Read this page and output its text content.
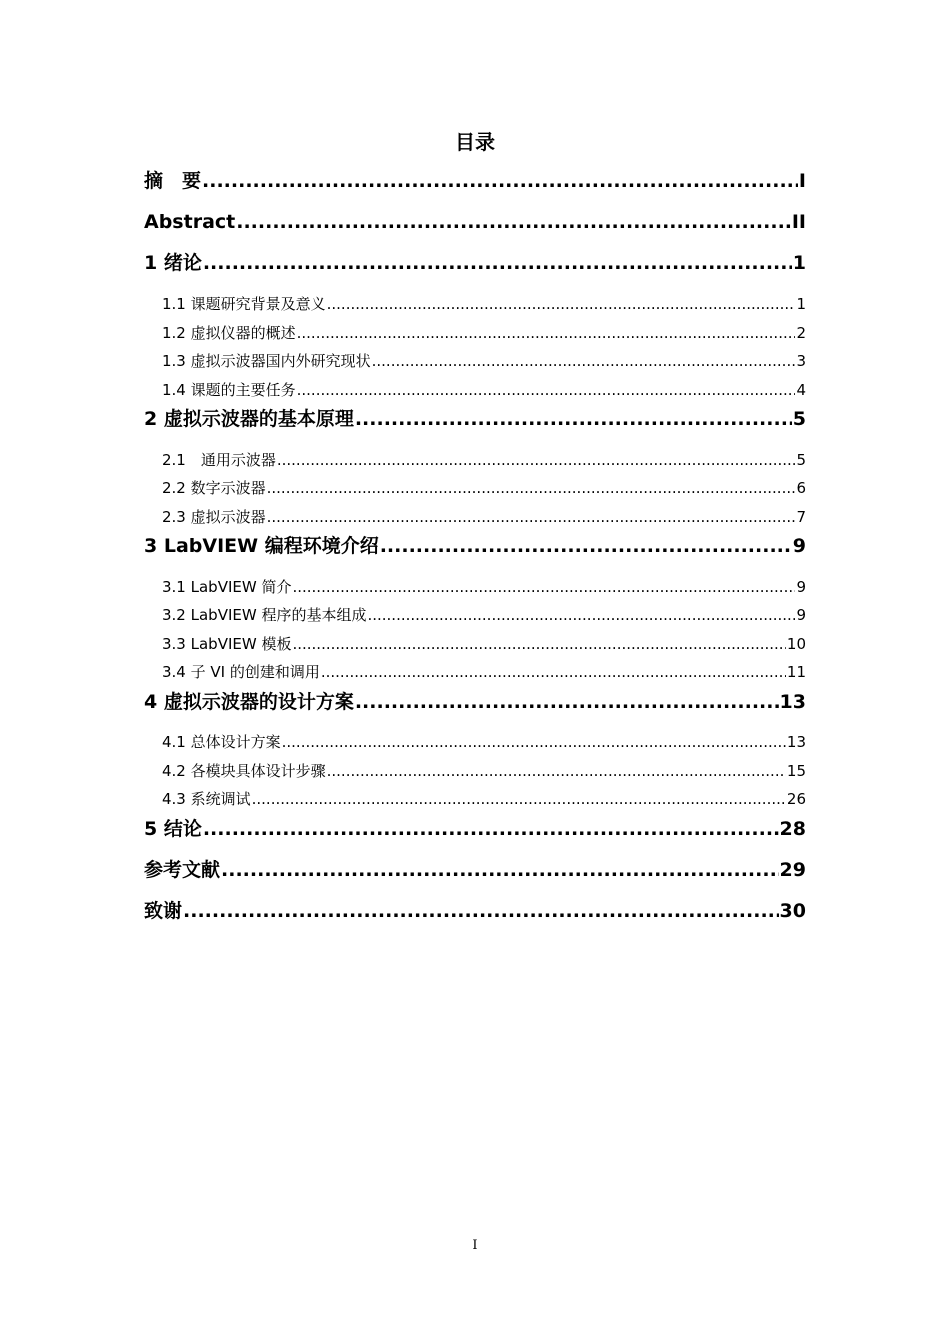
目录
摘　要 .....	I
Abstract .....	II
1 绪论 .....	1
1.1 课题研究背景及意义 .....	1
1.2 虚拟仪器的概述 .....	2
1.3 虚拟示波器国内外研究现状 .....	3
1.4 课题的主要任务 .....	4
2 虚拟示波器的基本原理 .....	5
2.1　通用示波器 .....	5
2.2 数字示波器 .....	6
2.3 虚拟示波器 .....	7
3 LabVIEW 编程环境介绍 .....	9
3.1 LabVIEW 简介 .....	9
3.2 LabVIEW 程序的基本组成 .....	9
3.3 LabVIEW 模板 .....	10
3.4 子 VI 的创建和调用 .....	11
4 虚拟示波器的设计方案 .....	13
4.1 总体设计方案 .....	13
4.2 各模块具体设计步骤 .....	15
4.3 系统调试 .....	26
5 结论 .....	28
参考文献 .....	29
致谢 .....	30
I
